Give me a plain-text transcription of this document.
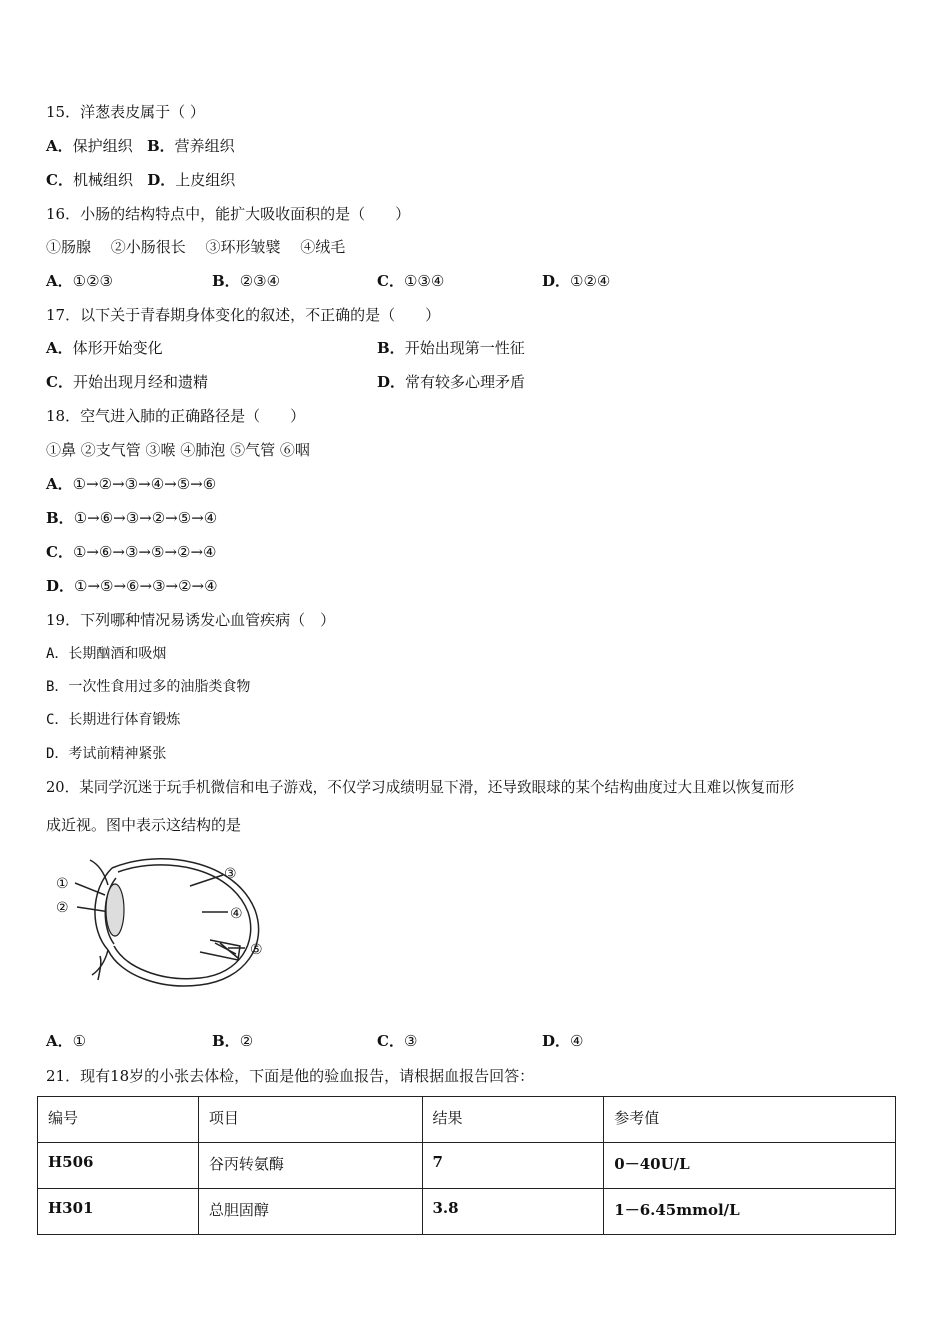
15．洋葱表皮属于（ ）
A．保护组织 B．营养组织
C．机械组织 D．上皮组织
16．小肠的结构特点中，能扩大吸收面积的是（　　）
①肠腺　 ②小肠很长　 ③环形皱襞　 ④绒毛
A．①②③	B．②③④	C．①③④	D．①②④
17．以下关于青春期身体变化的叙述，不正确的是（　　）
A．体形开始变化	B．开始出现第一性征
C．开始出现月经和遗精	D．常有较多心理矛盾
18．空气进入肺的正确路径是（　　）
①鼻 ②支气管 ③喉 ④肺泡 ⑤气管 ⑥咽
A．①→②→③→④→⑤→⑥
B．①→⑥→③→②→⑤→④
C．①→⑥→③→⑤→②→④
D．①→⑤→⑥→③→②→④
19．下列哪种情况易诱发心血管疾病（　）
A．长期酗酒和吸烟
B．一次性食用过多的油脂类食物
C．长期进行体育锻炼
D．考试前精神紧张
20．某同学沉迷于玩手机微信和电子游戏，不仅学习成绩明显下滑，还导致眼球的某个结构曲度过大且难以恢复而形
成近视。图中表示这结构的是
①
②
③
④
⑤
A．①	B．②	C．③	D．④
21．现有18岁的小张去体检，下面是他的验血报告，请根据血报告回答：
编号	项目	结果	参考值
H506	谷丙转氨酶	7	0－40U/L
H301	总胆固醇	3.8	1－6.45mmol/L
